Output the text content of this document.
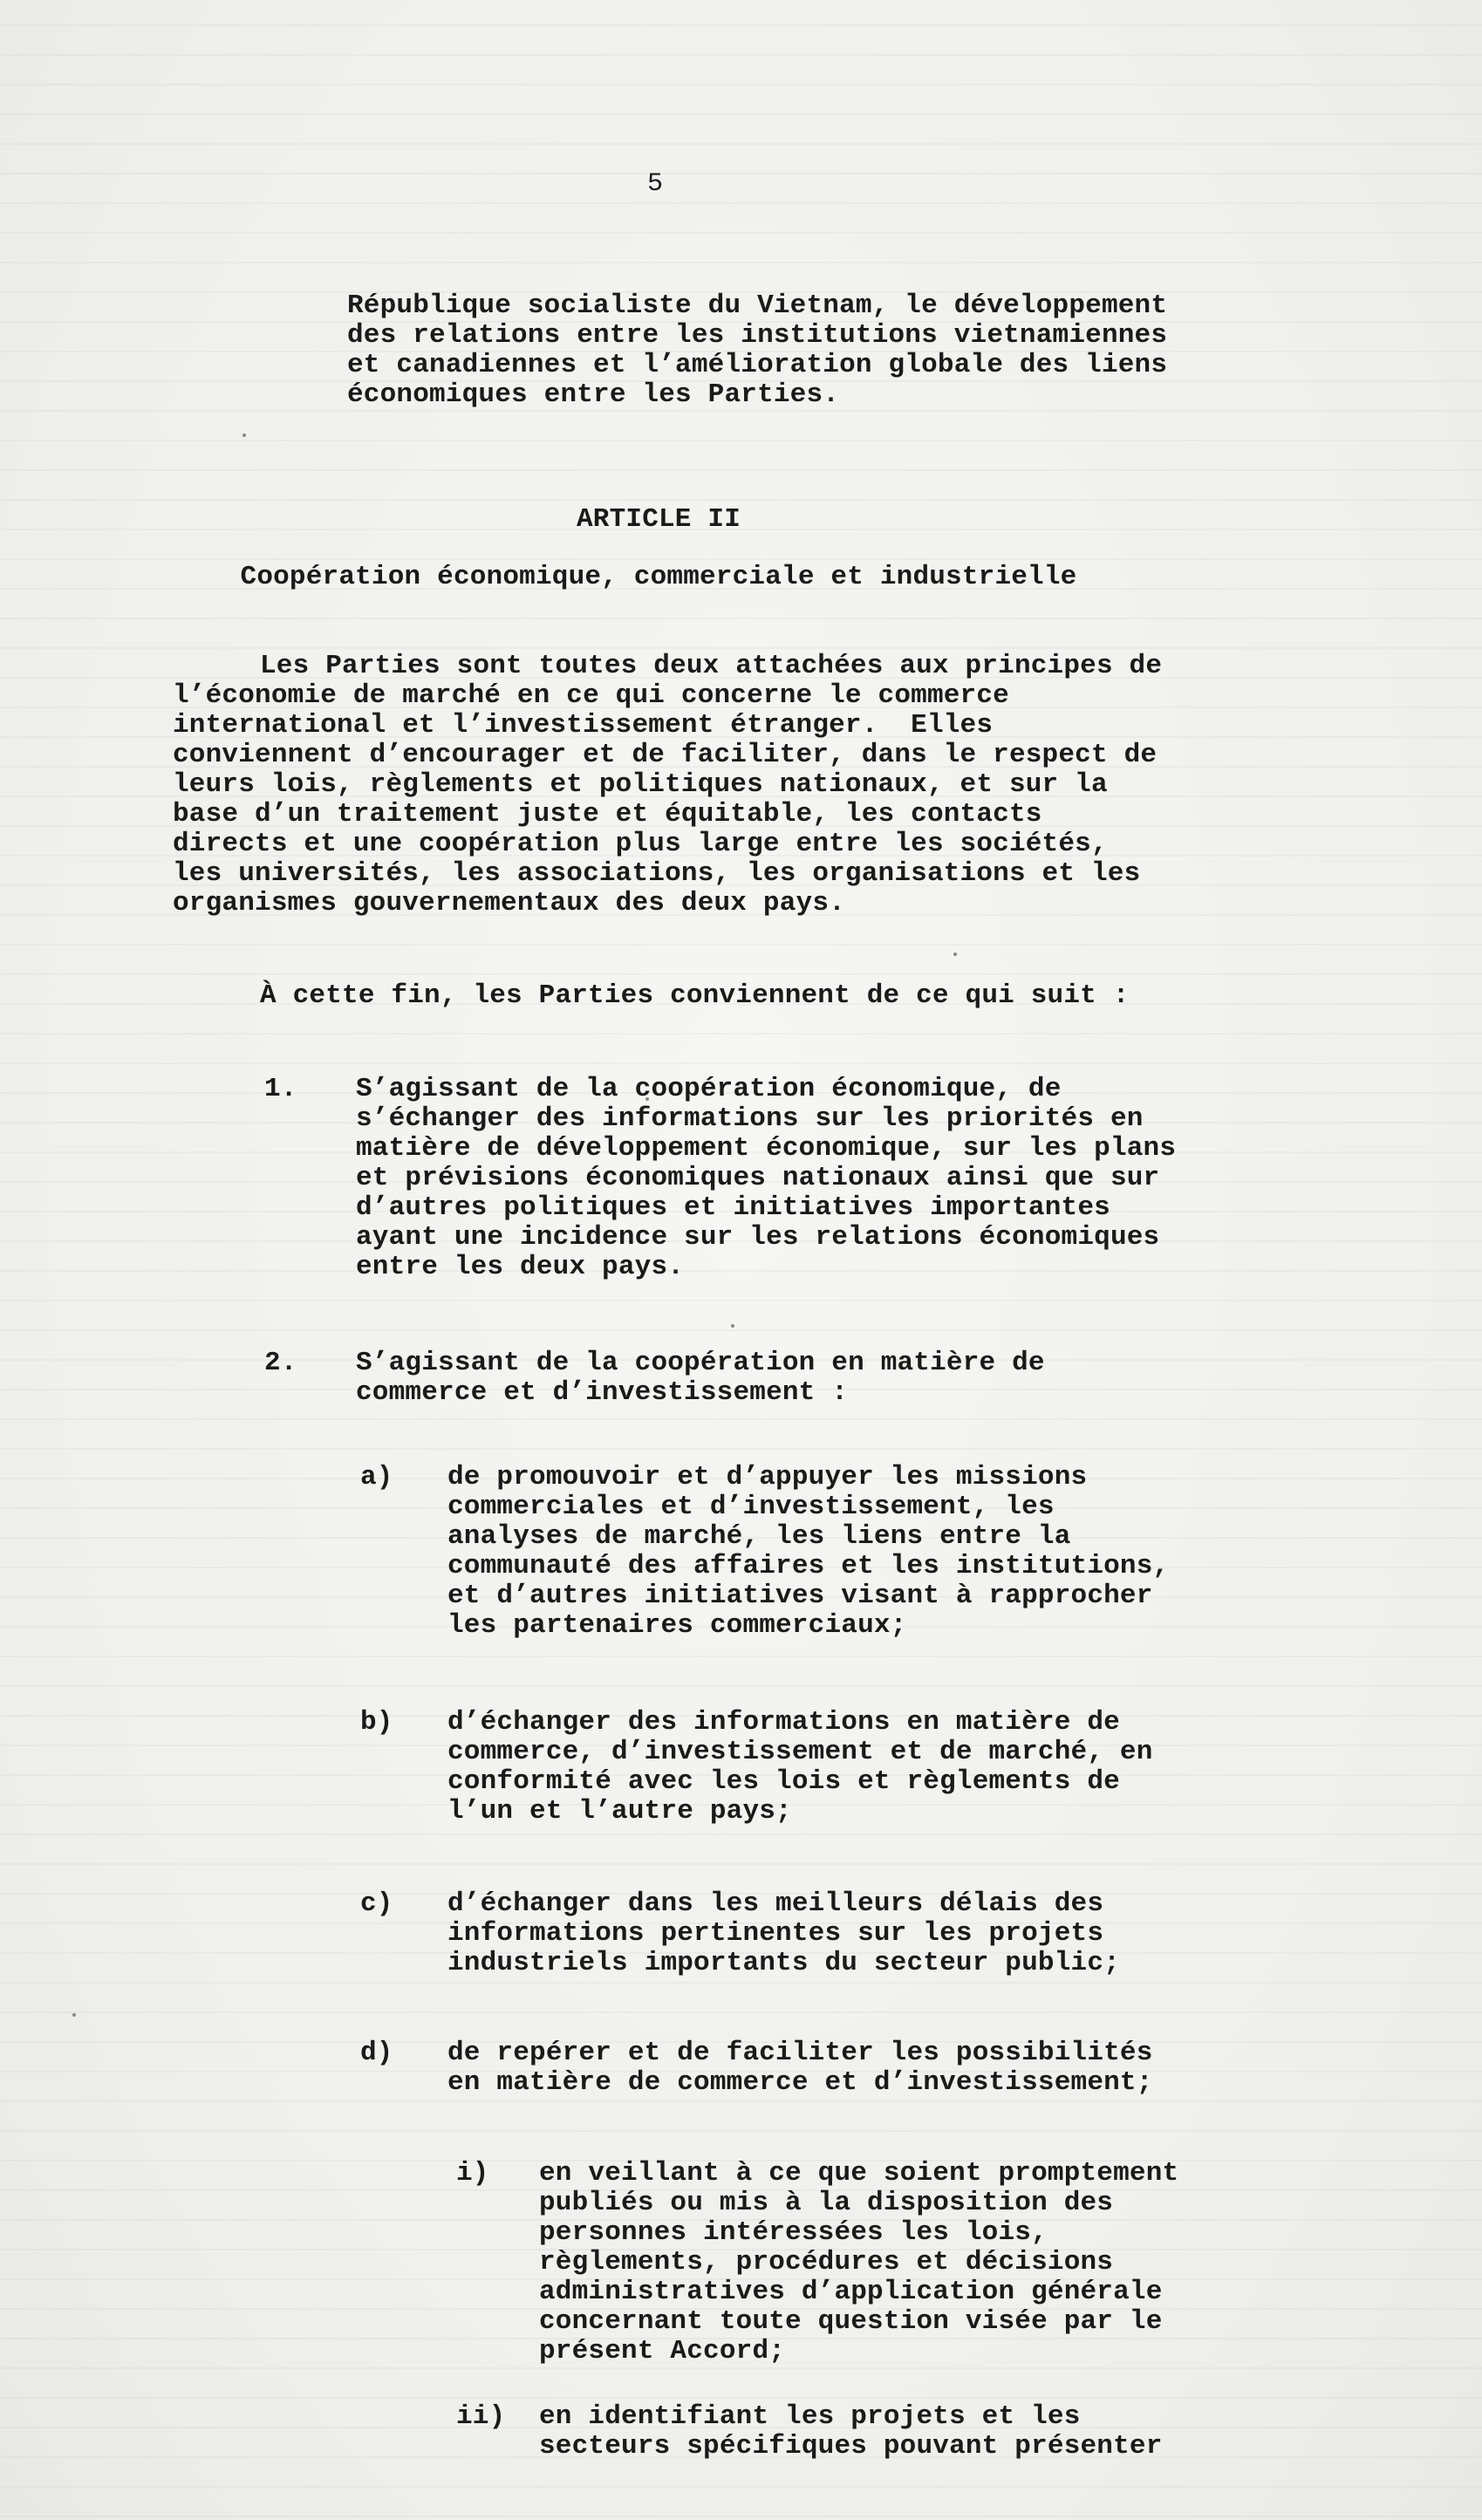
5
République socialiste du Vietnam, le développement
des relations entre les institutions vietnamiennes
et canadiennes et l’amélioration globale des liens
économiques entre les Parties.
ARTICLE II
Coopération économique, commerciale et industrielle
Les Parties sont toutes deux attachées aux principes de
l’économie de marché en ce qui concerne le commerce
international et l’investissement étranger.  Elles
conviennent d’encourager et de faciliter, dans le respect de
leurs lois, règlements et politiques nationaux, et sur la
base d’un traitement juste et équitable, les contacts
directs et une coopération plus large entre les sociétés,
les universités, les associations, les organisations et les
organismes gouvernementaux des deux pays.
À cette fin, les Parties conviennent de ce qui suit :
1. S’agissant de la coopération économique, de
s’échanger des informations sur les priorités en
matière de développement économique, sur les plans
et prévisions économiques nationaux ainsi que sur
d’autres politiques et initiatives importantes
ayant une incidence sur les relations économiques
entre les deux pays.
2. S’agissant de la coopération en matière de
commerce et d’investissement :
a) de promouvoir et d’appuyer les missions
commerciales et d’investissement, les
analyses de marché, les liens entre la
communauté des affaires et les institutions,
et d’autres initiatives visant à rapprocher
les partenaires commerciaux;
b) d’échanger des informations en matière de
commerce, d’investissement et de marché, en
conformité avec les lois et règlements de
l’un et l’autre pays;
c) d’échanger dans les meilleurs délais des
informations pertinentes sur les projets
industriels importants du secteur public;
d) de repérer et de faciliter les possibilités
en matière de commerce et d’investissement;
i) en veillant à ce que soient promptement
publiés ou mis à la disposition des
personnes intéressées les lois,
règlements, procédures et décisions
administratives d’application générale
concernant toute question visée par le
présent Accord;
ii) en identifiant les projets et les
secteurs spécifiques pouvant présenter
